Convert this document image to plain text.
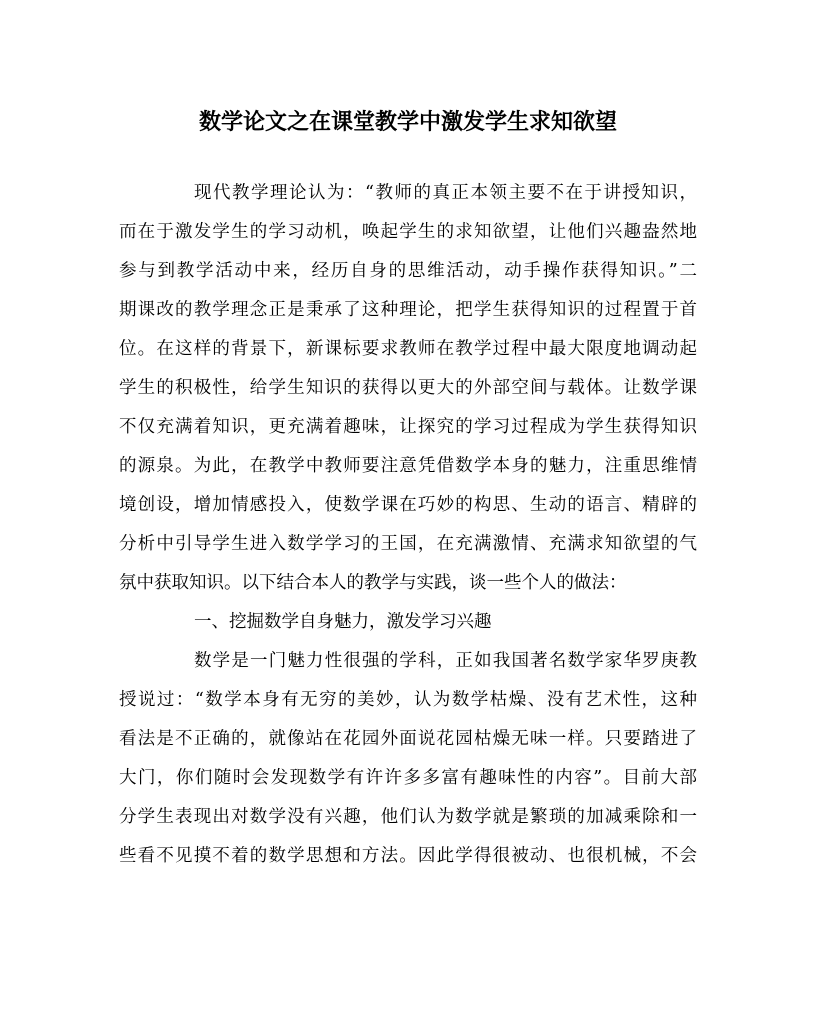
数学论文之在课堂教学中激发学生求知欲望
现代教学理论认为：“教师的真正本领主要不在于讲授知识，
而在于激发学生的学习动机，唤起学生的求知欲望，让他们兴趣盎然地
参与到教学活动中来，经历自身的思维活动，动手操作获得知识。”二
期课改的教学理念正是秉承了这种理论，把学生获得知识的过程置于首
位。在这样的背景下，新课标要求教师在教学过程中最大限度地调动起
学生的积极性，给学生知识的获得以更大的外部空间与载体。让数学课
不仅充满着知识，更充满着趣味，让探究的学习过程成为学生获得知识
的源泉。为此，在教学中教师要注意凭借数学本身的魅力，注重思维情
境创设，增加情感投入，使数学课在巧妙的构思、生动的语言、精辟的
分析中引导学生进入数学学习的王国，在充满激情、充满求知欲望的气
氛中获取知识。以下结合本人的教学与实践，谈一些个人的做法：
一、挖掘数学自身魅力，激发学习兴趣
数学是一门魅力性很强的学科，正如我国著名数学家华罗庚教
授说过：“数学本身有无穷的美妙，认为数学枯燥、没有艺术性，这种
看法是不正确的，就像站在花园外面说花园枯燥无味一样。只要踏进了
大门，你们随时会发现数学有许许多多富有趣味性的内容”。目前大部
分学生表现出对数学没有兴趣，他们认为数学就是繁琐的加减乘除和一
些看不见摸不着的数学思想和方法。因此学得很被动、也很机械，不会
